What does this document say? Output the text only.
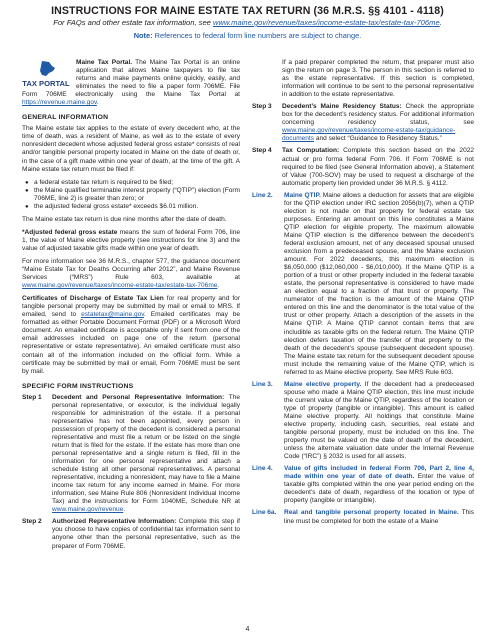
INSTRUCTIONS FOR MAINE ESTATE TAX RETURN (36 M.R.S. §§ 4101 - 4118)
For FAQs and other estate tax information, see www.maine.gov/revenue/taxes/income-estate-tax/estate-tax-706me.
Note: References to federal form line numbers are subject to change.
TAX PORTAL

Maine Tax Portal. The Maine Tax Portal is an online application that allows Maine taxpayers to file tax returns and make payments online quickly, easily, and eliminates the need to file a paper form 706ME. File Form 706ME electronically using the Maine Tax Portal at https://revenue.maine.gov.

GENERAL INFORMATION

The Maine estate tax applies to the estate of every decedent who, at the time of death, was a resident of Maine, as well as to the estate of every nonresident decedent whose adjusted federal gross estate* consists of real and/or tangible personal property located in Maine on the date of death or, in the case of a gift made within one year of death, at the time of the gift. A Maine estate tax return must be filed if:

● a federal estate tax return is required to be filed;
● the Maine qualified terminable interest property (“QTIP”) election (Form 706ME, line 2) is greater than zero; or
● the adjusted federal gross estate* exceeds $6.01 million.

The Maine estate tax return is due nine months after the date of death.

*Adjusted federal gross estate means the sum of federal Form 706, line 1, the value of Maine elective property (see instructions for line 3) and the value of adjusted taxable gifts made within one year of death.

For more information see 36 M.R.S., chapter 577, the guidance document “Maine Estate Tax for Deaths Occurring after 2012”, and Maine Revenue Services (“MRS”) Rule 603, available at www.maine.gov/revenue/taxes/income-estate-tax/estate-tax-706me.

Certificates of Discharge of Estate Tax Lien for real property and for tangible personal property may be submitted by mail or email to MRS. If emailed, send to estatetax@maine.gov. Emailed certificates may be formatted as either Portable Document Format (PDF) or a Microsoft Word document. An emailed certificate is acceptable only if sent from one of the email addresses included on page one of the return (personal representative or estate representative). An emailed certificate must also contain all of the information included on the official form. While a certificate may be submitted by mail or email, Form 706ME must be sent by mail.

SPECIFIC FORM INSTRUCTIONS
Step 1	Decedent and Personal Representative Information: The personal representative, or executor, is the individual legally responsible for administration of the estate. If a personal representative has not been appointed, every person in possession of property of the decedent is considered a personal representative and must file a return or be listed on the single return that is filed for the estate. If the estate has more than one personal representative and a single return is filed, fill in the information for one personal representative and attach a schedule listing all other personal representatives. A personal representative, including a nonresident, may have to file a Maine income tax return for any income earned in Maine. For more information, see Maine Rule 806 (Nonresident Individual Income Tax) and the instructions for Form 1040ME, Schedule NR at www.maine.gov/revenue.
Step 2	Authorized Representative Information: Complete this step if you choose to have copies of confidential tax information sent to anyone other than the personal representative, such as the preparer of Form 706ME.
If a paid preparer completed the return, that preparer must also sign the return on page 3. The person in this section is referred to as the estate representative. If this section is completed, information will continue to be sent to the personal representative in addition to the estate representative.
Step 3	Decedent’s Maine Residency Status: Check the appropriate box for the decedent’s residency status. For additional information concerning residency status, see www.maine.gov/revenue/taxes/income-estate-tax/guidance-documents and select “Guidance to Residency Status.”
Step 4	Tax Computation: Complete this section based on the 2022 actual or pro forma federal Form 706. If Form 706ME is not required to be filed (see General Information above), a Statement of Value (700-SOV) may be used to request a discharge of the automatic property lien provided under 36 M.R.S. § 4112.
Line 2.	Maine QTIP. Maine allows a deduction for assets that are eligible for the QTIP election under IRC section 2056(b)(7), when a QTIP election is not made on that property for federal estate tax purposes. Entering an amount on this line constitutes a Maine QTIP election for eligible property. The maximum allowable Maine QTIP election is the difference between the decedent’s federal exclusion amount, net of any deceased spousal unused exclusion from a predeceased spouse, and the Maine exclusion amount. For 2022 decedents, this maximum election is $6,050,000 ($12,060,000 - $6,010,000). If the Maine QTIP is a portion of a trust or other property included in the federal taxable estate, the personal representative is considered to have made an election equal to a fraction of that trust or property. The numerator of the fraction is the amount of the Maine QTIP entered on this line and the denominator is the total value of the trust or other property. Attach a description of the assets in the Maine QTIP. A Maine QTIP cannot contain items that are includible as taxable gifts on the federal return. The Maine QTIP election defers taxation of the transfer of that property to the death of the decedent’s spouse (subsequent decedent spouse). The Maine estate tax return for the subsequent decedent spouse must include the remaining value of the Maine QTIP, which is referred to as Maine elective property. See MRS Rule 603.
Line 3.	Maine elective property. If the decedent had a predeceased spouse who made a Maine QTIP election, this line must include the current value of the Maine QTIP, regardless of the location or type of property (tangible or intangible). This amount is called Maine elective property. All holdings that constitute Maine elective property, including cash, securities, real estate and tangible personal property, must be included on this line. The property must be valued on the date of death of the decedent, unless the alternate valuation date under the Internal Revenue Code (“IRC”) § 2032 is used for all assets.
Line 4.	Value of gifts included in federal Form 706, Part 2, line 4, made within one year of date of death. Enter the value of taxable gifts completed within the one year period ending on the decedent’s date of death, regardless of the location or type of property (tangible or intangible).
Line 6a.	Real and tangible personal property located in Maine. This line must be completed for both the estate of a Maine
4
